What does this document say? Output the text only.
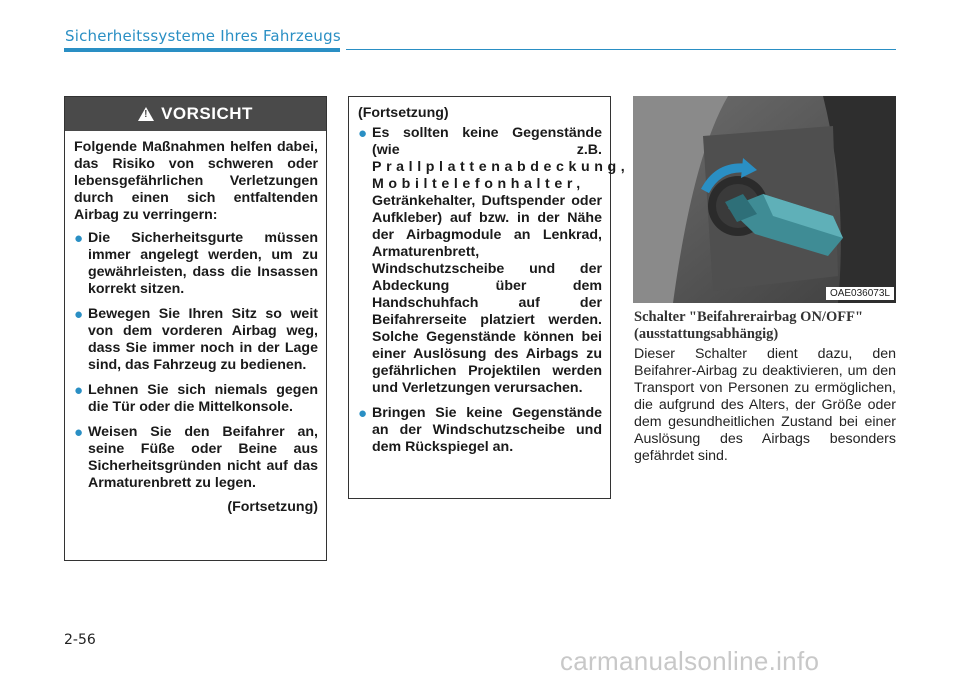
Sicherheitssysteme Ihres Fahrzeugs
!
VORSICHT

Folgende Maßnahmen helfen dabei, das Risiko von schweren oder lebensgefährlichen Verletzungen durch einen sich entfaltenden Airbag zu verringern:

● Die Sicherheitsgurte müssen immer angelegt werden, um zu gewährleisten, dass die Insassen korrekt sitzen.
● Bewegen Sie Ihren Sitz so weit von dem vorderen Airbag weg, dass Sie immer noch in der Lage sind, das Fahrzeug zu bedienen.
● Lehnen Sie sich niemals gegen die Tür oder die Mittelkonsole.
● Weisen Sie den Beifahrer an, seine Füße oder Beine aus Sicherheitsgründen nicht auf das Armaturenbrett zu legen.
(Fortsetzung)
(Fortsetzung)
● Es sollten keine Gegenstände (wie z.B. Prallplattenabdeckung, Mobiltelefonhalter, Getränkehalter, Duftspender oder Aufkleber) auf bzw. in der Nähe der Airbagmodule an Lenkrad, Armaturenbrett, Windschutzscheibe und der Abdeckung über dem Handschuhfach auf der Beifahrerseite platziert werden. Solche Gegenstände können bei einer Auslösung des Airbags zu gefährlichen Projektilen werden und Verletzungen verursachen.
● Bringen Sie keine Gegenstände an der Windschutzscheibe und dem Rückspiegel an.
OAE036073L
Schalter "Beifahrerairbag ON/OFF" (ausstattungsabhängig)
Dieser Schalter dient dazu, den Beifahrer-Airbag zu deaktivieren, um den Transport von Personen zu ermöglichen, die aufgrund des Alters, der Größe oder dem gesundheitlichen Zustand bei einer Auslösung des Airbags besonders gefährdet sind.
2-56
carmanualsonline.info
